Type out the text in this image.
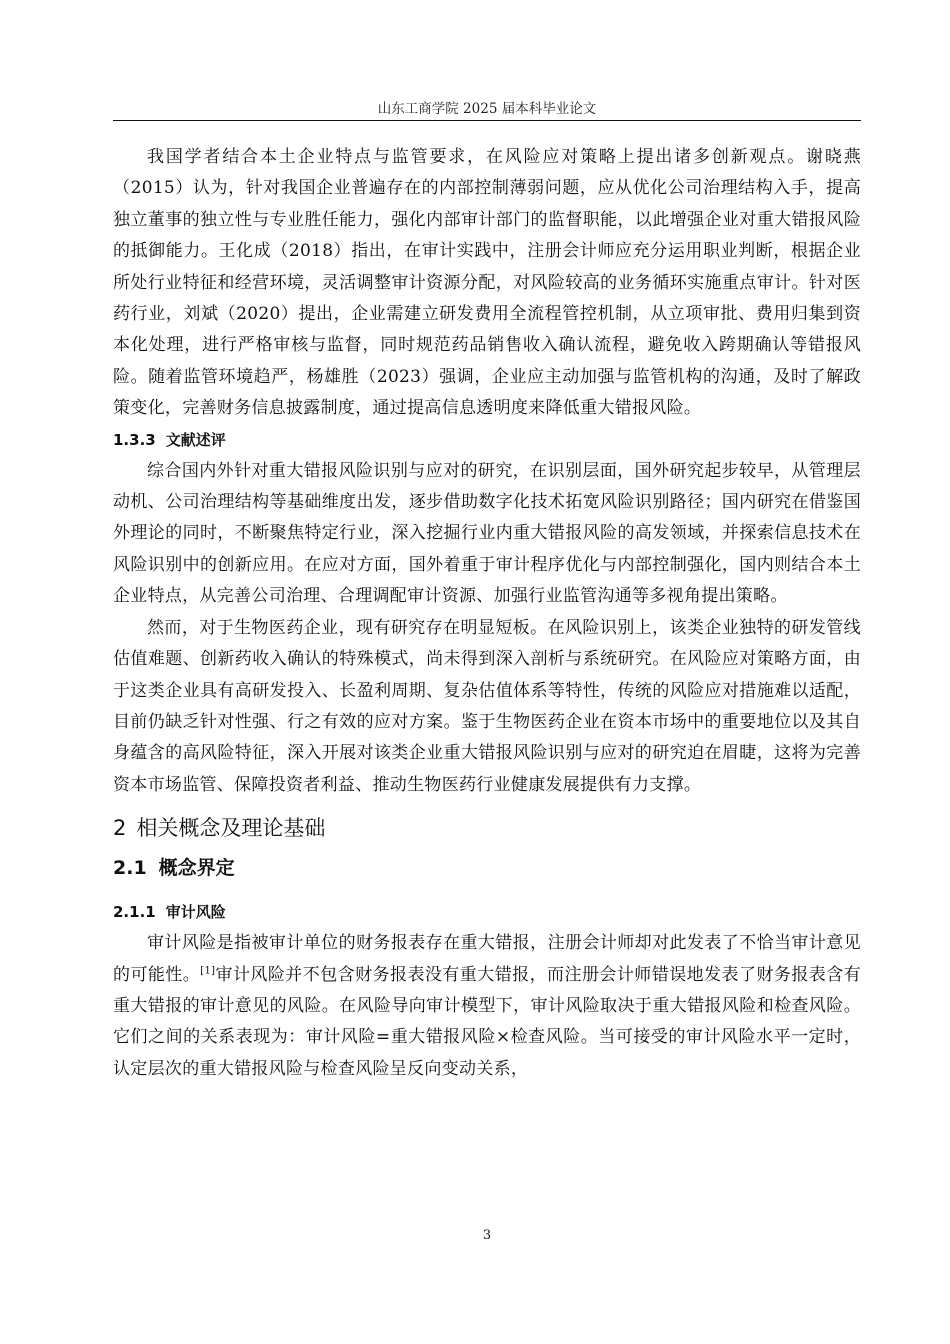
山东工商学院 2025 届本科毕业论文

我国学者结合本土企业特点与监管要求，在风险应对策略上提出诸多创新观点。谢晓燕（2015）认为，针对我国企业普遍存在的内部控制薄弱问题，应从优化公司治理结构入手，提高独立董事的独立性与专业胜任能力，强化内部审计部门的监督职能，以此增强企业对重大错报风险的抵御能力。王化成（2018）指出，在审计实践中，注册会计师应充分运用职业判断，根据企业所处行业特征和经营环境，灵活调整审计资源分配，对风险较高的业务循环实施重点审计。针对医药行业，刘斌（2020）提出，企业需建立研发费用全流程管控机制，从立项审批、费用归集到资本化处理，进行严格审核与监督，同时规范药品销售收入确认流程，避免收入跨期确认等错报风险。随着监管环境趋严，杨雄胜（2023）强调，企业应主动加强与监管机构的沟通，及时了解政策变化，完善财务信息披露制度，通过提高信息透明度来降低重大错报风险。

1.3.3 文献述评

综合国内外针对重大错报风险识别与应对的研究，在识别层面，国外研究起步较早，从管理层动机、公司治理结构等基础维度出发，逐步借助数字化技术拓宽风险识别路径；国内研究在借鉴国外理论的同时，不断聚焦特定行业，深入挖掘行业内重大错报风险的高发领域，并探索信息技术在风险识别中的创新应用。在应对方面，国外着重于审计程序优化与内部控制强化，国内则结合本土企业特点，从完善公司治理、合理调配审计资源、加强行业监管沟通等多视角提出策略。

然而，对于生物医药企业，现有研究存在明显短板。在风险识别上，该类企业独特的研发管线估值难题、创新药收入确认的特殊模式，尚未得到深入剖析与系统研究。在风险应对策略方面，由于这类企业具有高研发投入、长盈利周期、复杂估值体系等特性，传统的风险应对措施难以适配，目前仍缺乏针对性强、行之有效的应对方案。鉴于生物医药企业在资本市场中的重要地位以及其自身蕴含的高风险特征，深入开展对该类企业重大错报风险识别与应对的研究迫在眉睫，这将为完善资本市场监管、保障投资者利益、推动生物医药行业健康发展提供有力支撑。

2 相关概念及理论基础
2.1 概念界定
2.1.1 审计风险

审计风险是指被审计单位的财务报表存在重大错报，注册会计师却对此发表了不恰当审计意见的可能性。[1]审计风险并不包含财务报表没有重大错报，而注册会计师错误地发表了财务报表含有重大错报的审计意见的风险。在风险导向审计模型下，审计风险取决于重大错报风险和检查风险。它们之间的关系表现为：审计风险=重大错报风险×检查风险。当可接受的审计风险水平一定时，认定层次的重大错报风险与检查风险呈反向变动关系，

3
